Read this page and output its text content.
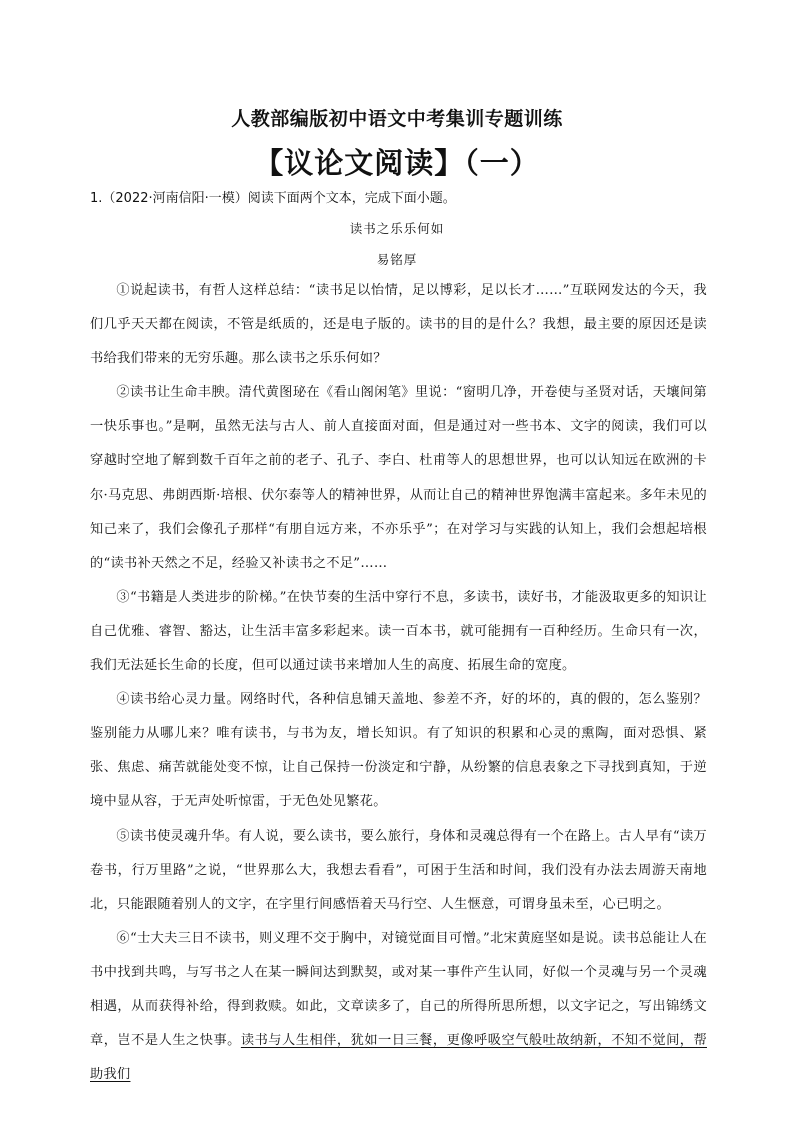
人教部编版初中语文中考集训专题训练
【议论文阅读】（一）
1.（2022·河南信阳·一模）阅读下面两个文本，完成下面小题。
读书之乐乐何如
易铭厚

①说起读书，有哲人这样总结：“读书足以怡情，足以博彩，足以长才……”互联网发达的今天，我们几乎天天都在阅读，不管是纸质的，还是电子版的。读书的目的是什么？我想，最主要的原因还是读书给我们带来的无穷乐趣。那么读书之乐乐何如？

②读书让生命丰腴。清代黄图珌在《看山阁闲笔》里说：“窗明几净，开卷使与圣贤对话，天壤间第一快乐事也。”是啊，虽然无法与古人、前人直接面对面，但是通过对一些书本、文字的阅读，我们可以穿越时空地了解到数千百年之前的老子、孔子、李白、杜甫等人的思想世界，也可以认知远在欧洲的卡尔·马克思、弗朗西斯·培根、伏尔泰等人的精神世界，从而让自己的精神世界饱满丰富起来。多年未见的知己来了，我们会像孔子那样“有朋自远方来，不亦乐乎”；在对学习与实践的认知上，我们会想起培根的“读书补天然之不足，经验又补读书之不足”……

③“书籍是人类进步的阶梯。”在快节奏的生活中穿行不息，多读书，读好书，才能汲取更多的知识让自己优雅、睿智、豁达，让生活丰富多彩起来。读一百本书，就可能拥有一百种经历。生命只有一次，我们无法延长生命的长度，但可以通过读书来增加人生的高度、拓展生命的宽度。

④读书给心灵力量。网络时代，各种信息铺天盖地、参差不齐，好的坏的，真的假的，怎么鉴别？鉴别能力从哪儿来？唯有读书，与书为友，增长知识。有了知识的积累和心灵的熏陶，面对恐惧、紧张、焦虑、痛苦就能处变不惊，让自己保持一份淡定和宁静，从纷繁的信息表象之下寻找到真知，于逆境中显从容，于无声处听惊雷，于无色处见繁花。

⑤读书使灵魂升华。有人说，要么读书，要么旅行，身体和灵魂总得有一个在路上。古人早有“读万卷书，行万里路”之说，“世界那么大，我想去看看”，可困于生活和时间，我们没有办法去周游天南地北，只能跟随着别人的文字，在字里行间感悟着天马行空、人生惬意，可谓身虽未至，心已明之。

⑥“士大夫三日不读书，则义理不交于胸中，对镜觉面目可憎。”北宋黄庭坚如是说。读书总能让人在书中找到共鸣，与写书之人在某一瞬间达到默契，或对某一事件产生认同，好似一个灵魂与另一个灵魂相遇，从而获得补给，得到救赎。如此，文章读多了，自己的所得所思所想，以文字记之，写出锦绣文章，岂不是人生之快事。读书与人生相伴，犹如一日三餐，更像呼吸空气般吐故纳新，不知不觉间，帮助我们
